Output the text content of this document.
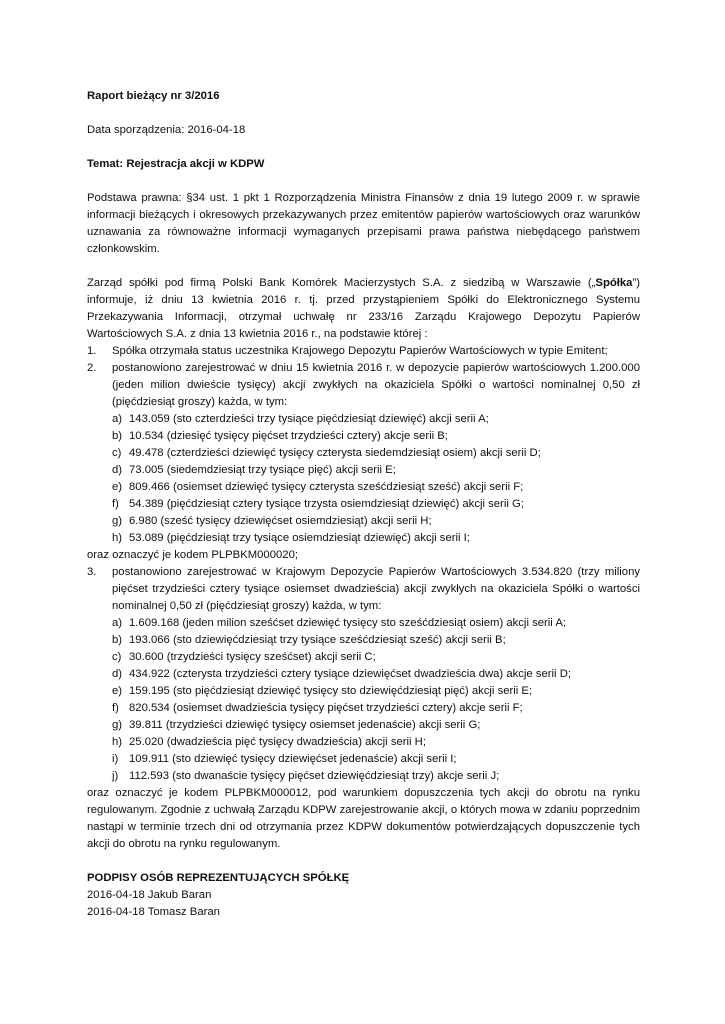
Raport bieżący nr 3/2016

Data sporządzenia: 2016-04-18

Temat: Rejestracja akcji w KDPW

Podstawa prawna: §34 ust. 1 pkt 1 Rozporządzenia Ministra Finansów z dnia 19 lutego 2009 r. w sprawie informacji bieżących i okresowych przekazywanych przez emitentów papierów wartościowych oraz warunków uznawania za równoważne informacji wymaganych przepisami prawa państwa niebędącego państwem członkowskim.

Zarząd spółki pod firmą Polski Bank Komórek Macierzystych S.A. z siedzibą w Warszawie („Spółka”) informuje, iż dniu 13 kwietnia 2016 r. tj. przed przystąpieniem Spółki do Elektronicznego Systemu Przekazywania Informacji, otrzymał uchwałę nr 233/16 Zarządu Krajowego Depozytu Papierów Wartościowych S.A. z dnia 13 kwietnia 2016 r., na podstawie której :

1.	Spółka otrzymała status uczestnika Krajowego Depozytu Papierów Wartościowych w typie Emitent;
2.	postanowiono zarejestrować w dniu 15 kwietnia 2016 r. w depozycie papierów wartościowych 1.200.000 (jeden milion dwieście tysięcy) akcji zwykłych na okaziciela Spółki o wartości nominalnej 0,50 zł (pięćdziesiąt groszy) każda, w tym:

a) 143.059 (sto czterdzieści trzy tysiące pięćdziesiąt dziewięć) akcji serii A;
b) 10.534 (dziesięć tysięcy pięćset trzydzieści cztery) akcje serii B;
c) 49.478 (czterdzieści dziewięć tysięcy czterysta siedemdziesiąt osiem) akcji serii D;
d) 73.005 (siedemdziesiąt trzy tysiące pięć) akcji serii E;
e) 809.466 (osiemset dziewięć tysięcy czterysta sześćdziesiąt sześć) akcji serii F;
f) 54.389 (pięćdziesiąt cztery tysiące trzysta osiemdziesiąt dziewięć) akcji serii G;
g) 6.980 (sześć tysięcy dziewięćset osiemdziesiąt) akcji serii H;
h) 53.089 (pięćdziesiąt trzy tysiące osiemdziesiąt dziewięć) akcji serii I;

oraz oznaczyć je kodem PLPBKM000020;

3.	postanowiono zarejestrować w Krajowym Depozycie Papierów Wartościowych 3.534.820 (trzy miliony pięćset trzydzieści cztery tysiące osiemset dwadzieścia) akcji zwykłych na okaziciela Spółki o wartości nominalnej 0,50 zł (pięćdziesiąt groszy) każda, w tym:

a) 1.609.168 (jeden milion sześćset dziewięć tysięcy sto sześćdziesiąt osiem) akcji serii A;
b) 193.066 (sto dziewięćdziesiąt trzy tysiące sześćdziesiąt sześć) akcji serii B;
c) 30.600 (trzydzieści tysięcy sześćset) akcji serii C;
d) 434.922 (czterysta trzydzieści cztery tysiące dziewięćset dwadzieścia dwa) akcje serii D;
e) 159.195 (sto pięćdziesiąt dziewięć tysięcy sto dziewięćdziesiąt pięć) akcji serii E;
f) 820.534 (osiemset dwadzieścia tysięcy pięćset trzydzieści cztery) akcje serii F;
g) 39.811 (trzydzieści dziewięć tysięcy osiemset jedenaście) akcji serii G;
h) 25.020 (dwadzieścia pięć tysięcy dwadzieścia) akcji serii H;
i) 109.911 (sto dziewięć tysięcy dziewięćset jedenaście) akcji serii I;
j) 112.593 (sto dwanaście tysięcy pięćset dziewięćdziesiąt trzy) akcje serii J;

oraz oznaczyć je kodem PLPBKM000012, pod warunkiem dopuszczenia tych akcji do obrotu na rynku regulowanym. Zgodnie z uchwałą Zarządu KDPW zarejestrowanie akcji, o których mowa w zdaniu poprzednim nastąpi w terminie trzech dni od otrzymania przez KDPW dokumentów potwierdzających dopuszczenie tych akcji do obrotu na rynku regulowanym.

PODPISY OSÓB REPREZENTUJĄCYCH SPÓŁKĘ

2016-04-18 Jakub Baran

2016-04-18 Tomasz Baran
